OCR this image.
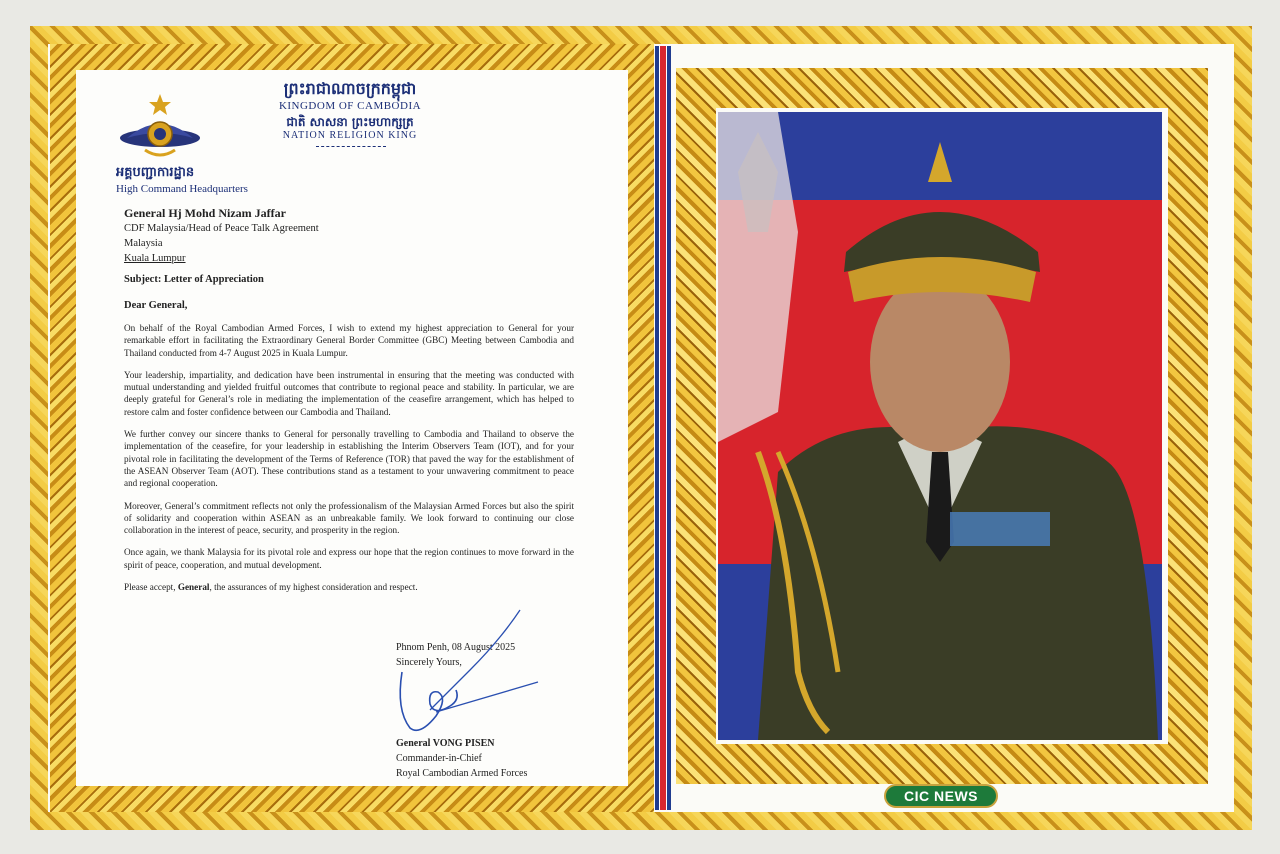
អគ្គបញ្ជាការដ្ឋាន
High Command Headquarters
ព្រះរាជាណាចក្រកម្ពុជា
KINGDOM OF CAMBODIA
ជាតិ សាសនា ព្រះមហាក្សត្រ
NATION RELIGION KING
General Hj Mohd Nizam Jaffar
CDF Malaysia/Head of Peace Talk Agreement
Malaysia
Kuala Lumpur
Subject: Letter of Appreciation
Dear General,

On behalf of the Royal Cambodian Armed Forces, I wish to extend my highest appreciation to General for your remarkable effort in facilitating the Extraordinary General Border Committee (GBC) Meeting between Cambodia and Thailand conducted from 4-7 August 2025 in Kuala Lumpur.

Your leadership, impartiality, and dedication have been instrumental in ensuring that the meeting was conducted with mutual understanding and yielded fruitful outcomes that contribute to regional peace and stability. In particular, we are deeply grateful for General’s role in mediating the implementation of the ceasefire arrangement, which has helped to restore calm and foster confidence between our Cambodia and Thailand.

We further convey our sincere thanks to General for personally travelling to Cambodia and Thailand to observe the implementation of the ceasefire, for your leadership in establishing the Interim Observers Team (IOT), and for your pivotal role in facilitating the development of the Terms of Reference (TOR) that paved the way for the establishment of the ASEAN Observer Team (AOT). These contributions stand as a testament to your unwavering commitment to peace and regional cooperation.

Moreover, General’s commitment reflects not only the professionalism of the Malaysian Armed Forces but also the spirit of solidarity and cooperation within ASEAN as an unbreakable family. We look forward to continuing our close collaboration in the interest of peace, security, and prosperity in the region.

Once again, we thank Malaysia for its pivotal role and express our hope that the region continues to move forward in the spirit of peace, cooperation, and mutual development.

Please accept, General, the assurances of my highest consideration and respect.

Phnom Penh, 08 August 2025
Sincerely Yours,
General VONG PISEN
Commander-in-Chief
Royal Cambodian Armed Forces
CIC NEWS
